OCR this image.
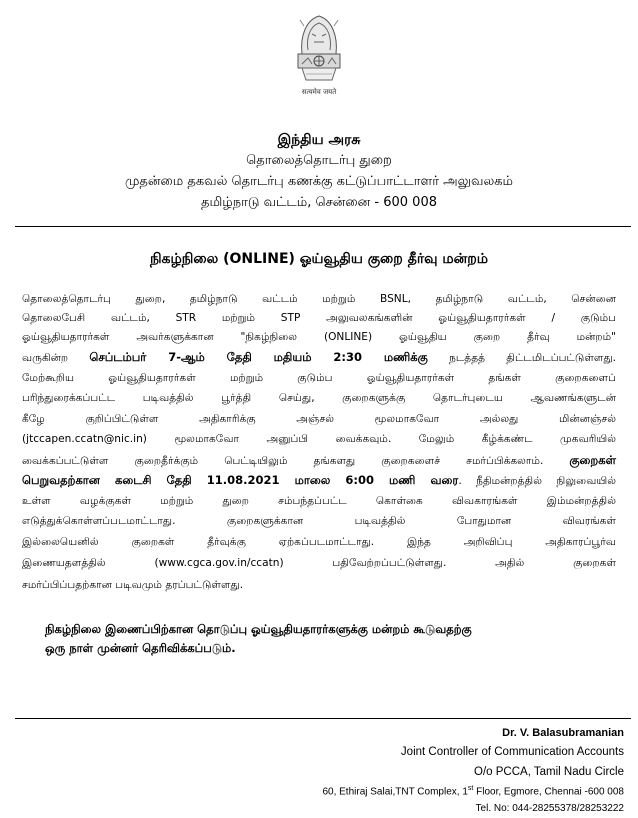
सत्यमेव जयते
இந்திய அரசு
தொலைத்தொடர்பு துறை
முதன்மை தகவல் தொடர்பு கணக்கு கட்டுப்பாட்டாளர் அலுவலகம்
தமிழ்நாடு வட்டம், சென்னை - 600 008
நிகழ்நிலை (ONLINE) ஓய்வூதிய குறை தீர்வு மன்றம்
தொலைத்தொடர்பு துறை, தமிழ்நாடு வட்டம் மற்றும் BSNL, தமிழ்நாடு வட்டம், சென்னை
தொலைபேசி வட்டம், STR மற்றும் STP அலுவலகங்களின் ஓய்வூதியதாரர்கள் / குடும்ப
ஓய்வூதியதாரர்கள் அவர்களுக்கான "நிகழ்நிலை (ONLINE) ஓய்வூதிய குறை தீர்வு மன்றம்"
வருகின்ற செப்டம்பர் 7-ஆம் தேதி மதியம் 2:30 மணிக்கு நடத்தத் திட்டமிடப்பட்டுள்ளது.
மேற்கூறிய ஓய்வூதியதாரர்கள் மற்றும் குடும்ப ஓய்வூதியதாரர்கள் தங்கள் குறைகளைப்
பரிந்துரைக்கப்பட்ட படிவத்தில் பூர்த்தி செய்து, குறைகளுக்கு தொடர்புடைய ஆவணங்களுடன்
கீழே குறிப்பிட்டுள்ள அதிகாரிக்கு அஞ்சல் மூலமாகவோ அல்லது மின்னஞ்சல்
(jtccapen.ccatn@nic.in)	மூலமாகவோ அனுப்பி வைக்கவும். மேலும் கீழ்க்கண்ட முகவரியில்
வைக்கப்பட்டுள்ள குறைதீர்க்கும் பெட்டியிலும் தங்களது குறைகளைச் சமர்ப்பிக்கலாம். குறைகள்
பெறுவதற்கான கடைசி தேதி 11.08.2021 மாலை 6:00 மணி வரை. நீதிமன்றத்தில் நிலுவையில்
உள்ள வழக்குகள் மற்றும் துறை சம்பந்தப்பட்ட கொள்கை விவகாரங்கள் இம்மன்றத்தில்
எடுத்துக்கொள்ளப்படமாட்டாது. குறைகளுக்கான படிவத்தில் போதுமான விவரங்கள்
இல்லையெனில் குறைகள் தீர்வுக்கு ஏற்கப்படமாட்டாது. இந்த அறிவிப்பு அதிகாரப்பூர்வ
இணையதளத்தில்	(www.cgca.gov.in/ccatn)	பதிவேற்றப்பட்டுள்ளது. அதில் குறைகள்
சமர்ப்பிப்பதற்கான படிவமும் தரப்பட்டுள்ளது.
நிகழ்நிலை இணைப்பிற்கான தொடுப்பு ஓய்வூதியதாரர்களுக்கு மன்றம் கூடுவதற்கு
ஒரு நாள் முன்னர் தெரிவிக்கப்படும்.
Dr. V. Balasubramanian
Joint Controller of Communication Accounts
O/o PCCA, Tamil Nadu Circle
60, Ethiraj Salai,TNT Complex, 1st Floor, Egmore, Chennai -600 008
Tel. No: 044-28255378/28253222
